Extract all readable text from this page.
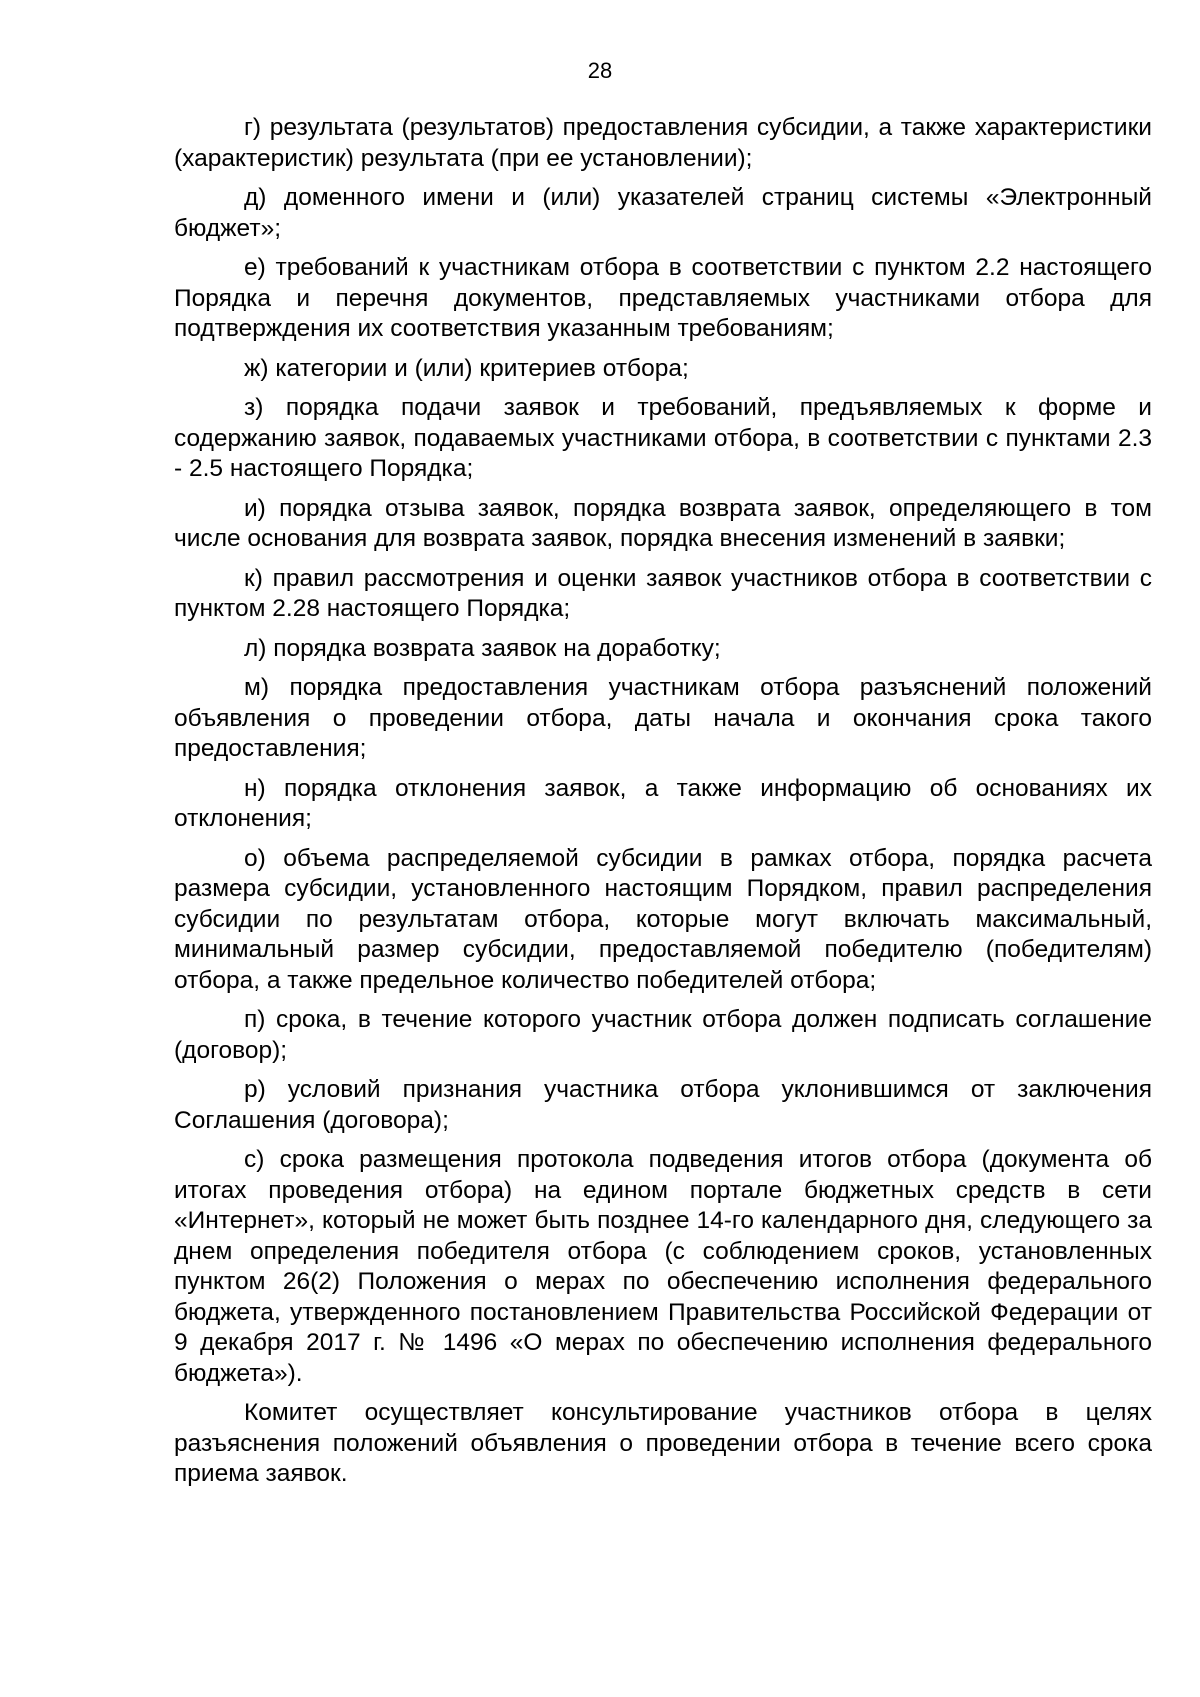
28

г) результата (результатов) предоставления субсидии, а также характеристики (характеристик) результата (при ее установлении);

д) доменного имени и (или) указателей страниц системы «Электронный бюджет»;

е) требований к участникам отбора в соответствии с пунктом 2.2 настоящего Порядка и перечня документов, представляемых участниками отбора для подтверждения их соответствия указанным требованиям;

ж) категории и (или) критериев отбора;

з) порядка подачи заявок и требований, предъявляемых к форме и содержанию заявок, подаваемых участниками отбора, в соответствии с пунктами 2.3 - 2.5 настоящего Порядка;

и) порядка отзыва заявок, порядка возврата заявок, определяющего в том числе основания для возврата заявок, порядка внесения изменений в заявки;

к) правил рассмотрения и оценки заявок участников отбора в соответствии с пунктом 2.28 настоящего Порядка;

л) порядка возврата заявок на доработку;

м) порядка предоставления участникам отбора разъяснений положений объявления о проведении отбора, даты начала и окончания срока такого предоставления;

н) порядка отклонения заявок, а также информацию об основаниях их отклонения;

о) объема распределяемой субсидии в рамках отбора, порядка расчета размера субсидии, установленного настоящим Порядком, правил распределения субсидии по результатам отбора, которые могут включать максимальный, минимальный размер субсидии, предоставляемой победителю (победителям) отбора, а также предельное количество победителей отбора;

п) срока, в течение которого участник отбора должен подписать соглашение (договор);

р) условий признания участника отбора уклонившимся от заключения Соглашения (договора);

с) срока размещения протокола подведения итогов отбора (документа об итогах проведения отбора) на едином портале бюджетных средств в сети «Интернет», который не может быть позднее 14-го календарного дня, следующего за днем определения победителя отбора (с соблюдением сроков, установленных пунктом 26(2) Положения о мерах по обеспечению исполнения федерального бюджета, утвержденного постановлением Правительства Российской Федерации от 9 декабря 2017 г. № 1496 «О мерах по обеспечению исполнения федерального бюджета»).

Комитет осуществляет консультирование участников отбора в целях разъяснения положений объявления о проведении отбора в течение всего срока приема заявок.
